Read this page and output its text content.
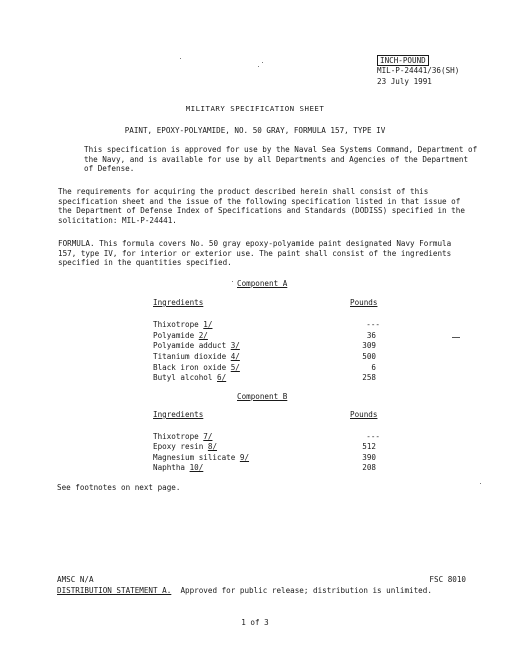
INCH-POUND
MIL-P-24441/36(SH)
23 July 1991
MILITARY SPECIFICATION SHEET
PAINT, EPOXY-POLYAMIDE, NO. 50 GRAY, FORMULA 157, TYPE IV
This specification is approved for use by the Naval Sea Systems Command, Department of the Navy, and is available for use by all Departments and Agencies of the Department of Defense.
The requirements for acquiring the product described herein shall consist of this specification sheet and the issue of the following specification listed in that issue of the Department of Defense Index of Specifications and Standards (DODISS) specified in the solicitation: MIL-P-24441.
FORMULA. This formula covers No. 50 gray epoxy-polyamide paint designated Navy Formula 157, type IV, for interior or exterior use. The paint shall consist of the ingredients specified in the quantities specified.
Component A
Ingredients	Pounds
Thixotrope 1/	---
Polyamide 2/	36
Polyamide adduct 3/	309
Titanium dioxide 4/	500
Black iron oxide 5/	6
Butyl alcohol 6/	258
Component B
Ingredients	Pounds
Thixotrope 7/	---
Epoxy resin 8/	512
Magnesium silicate 9/	390
Naphtha 10/	208
See footnotes on next page.
AMSC N/A	FSC 8010
DISTRIBUTION STATEMENT A.  Approved for public release; distribution is unlimited.
1 of 3
